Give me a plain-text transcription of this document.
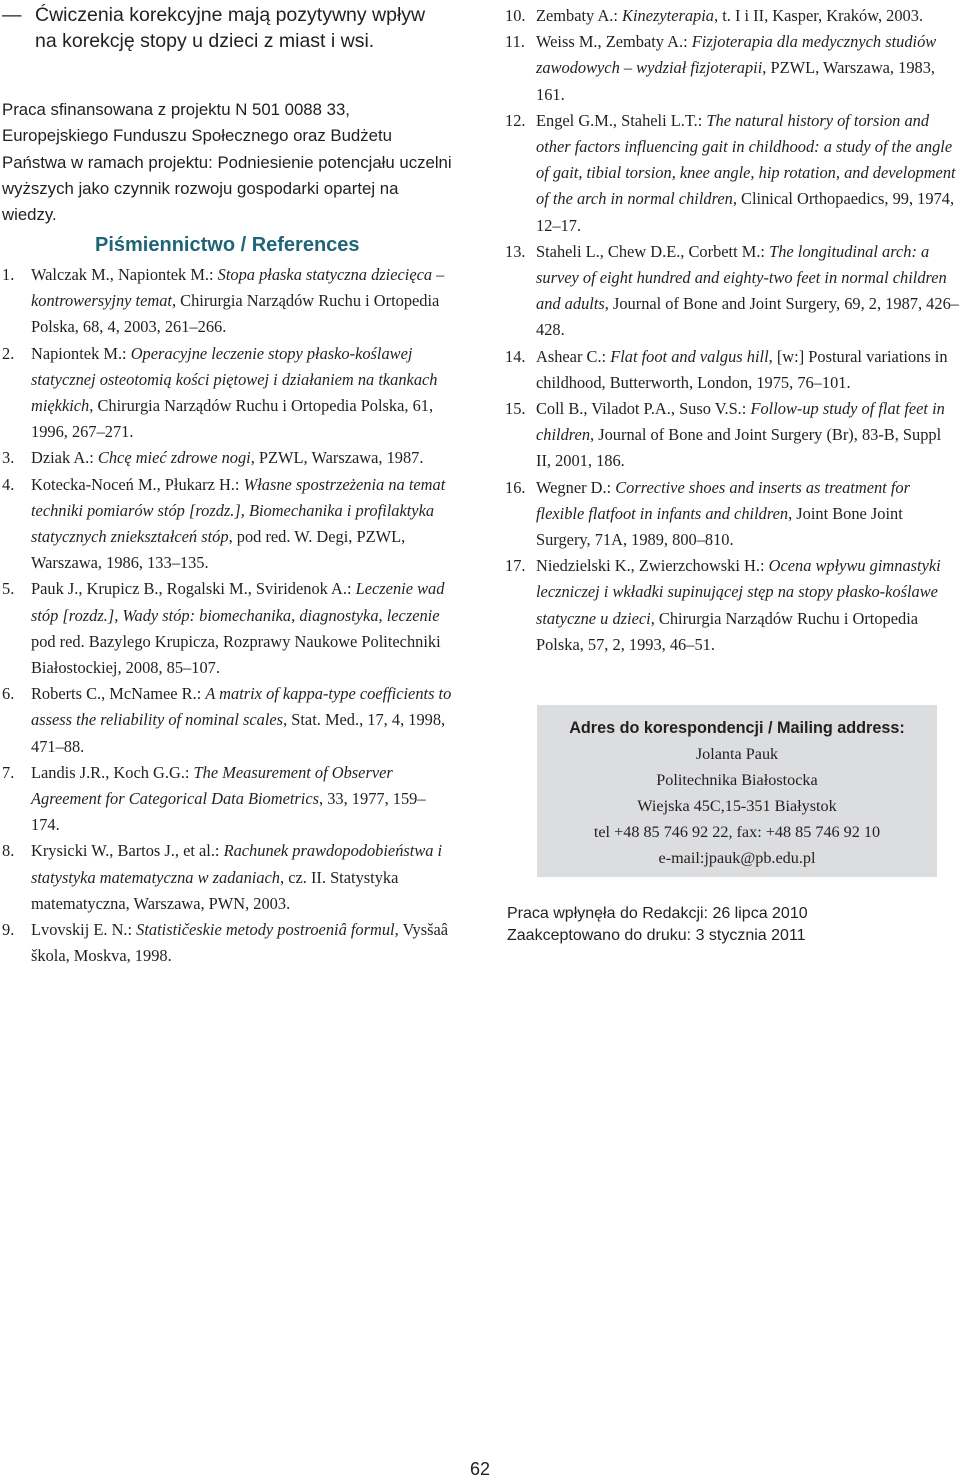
— Ćwiczenia korekcyjne mają pozytywny wpływ na korekcję stopy u dzieci z miast i wsi.

Praca sfinansowana z projektu N 501 0088 33, Europejskiego Funduszu Społecznego oraz Budżetu Państwa w ramach projektu: Podniesienie potencjału uczelni wyższych jako czynnik rozwoju gospodarki opartej na wiedzy.

Piśmiennictwo / References
1. Walczak M., Napiontek M.: Stopa płaska statyczna dziecięca – kontrowersyjny temat, Chirurgia Narządów Ruchu i Ortopedia Polska, 68, 4, 2003, 261–266.
2. Napiontek M.: Operacyjne leczenie stopy płasko-koślawej statycznej osteotomią kości piętowej i działaniem na tkankach miękkich, Chirurgia Narządów Ruchu i Ortopedia Polska, 61, 1996, 267–271.
3. Dziak A.: Chcę mieć zdrowe nogi, PZWL, Warszawa, 1987.
4. Kotecka-Noceń M., Płukarz H.: Własne spostrzeżenia na temat techniki pomiarów stóp [rozdz.], Biomechanika i profilaktyka statycznych zniekształceń stóp, pod red. W. Degi, PZWL, Warszawa, 1986, 133–135.
5. Pauk J., Krupicz B., Rogalski M., Sviridenok A.: Leczenie wad stóp [rozdz.], Wady stóp: biomechanika, diagnostyka, leczenie pod red. Bazylego Krupicza, Rozprawy Naukowe Politechniki Białostockiej, 2008, 85–107.
6. Roberts C., McNamee R.: A matrix of kappa-type coefficients to assess the reliability of nominal scales, Stat. Med., 17, 4, 1998, 471–88.
7. Landis J.R., Koch G.G.: The Measurement of Observer Agreement for Categorical Data Biometrics, 33, 1977, 159–174.
8. Krysicki W., Bartos J., et al.: Rachunek prawdopodobieństwa i statystyka matematyczna w zadaniach, cz. II. Statystyka matematyczna, Warszawa, PWN, 2003.
9. Lvovskij E. N.: Statističeskie metody postroeniâ formul, Vysšaâ škola, Moskva, 1998.
10. Zembaty A.: Kinezyterapia, t. I i II, Kasper, Kraków, 2003.
11. Weiss M., Zembaty A.: Fizjoterapia dla medycznych studiów zawodowych – wydział fizjoterapii, PZWL, Warszawa, 1983, 161.
12. Engel G.M., Staheli L.T.: The natural history of torsion and other factors influencing gait in childhood: a study of the angle of gait, tibial torsion, knee angle, hip rotation, and development of the arch in normal children, Clinical Orthopaedics, 99, 1974, 12–17.
13. Staheli L., Chew D.E., Corbett M.: The longitudinal arch: a survey of eight hundred and eighty-two feet in normal children and adults, Journal of Bone and Joint Surgery, 69, 2, 1987, 426–428.
14. Ashear C.: Flat foot and valgus hill, [w:] Postural variations in childhood, Butterworth, London, 1975, 76–101.
15. Coll B., Viladot P.A., Suso V.S.: Follow-up study of flat feet in children, Journal of Bone and Joint Surgery (Br), 83-B, Suppl II, 2001, 186.
16. Wegner D.: Corrective shoes and inserts as treatment for flexible flatfoot in infants and children, Joint Bone Joint Surgery, 71A, 1989, 800–810.
17. Niedzielski K., Zwierzchowski H.: Ocena wpływu gimnastyki leczniczej i wkładki supinującej stęp na stopy płasko-koślawe statyczne u dzieci, Chirurgia Narządów Ruchu i Ortopedia Polska, 57, 2, 1993, 46–51.
Adres do korespondencji / Mailing address:
Jolanta Pauk
Politechnika Białostocka
Wiejska 45C,15-351 Białystok
tel +48 85 746 92 22, fax: +48 85 746 92 10
e-mail:jpauk@pb.edu.pl
Praca wpłynęła do Redakcji: 26 lipca 2010
Zaakceptowano do druku: 3 stycznia 2011
62
